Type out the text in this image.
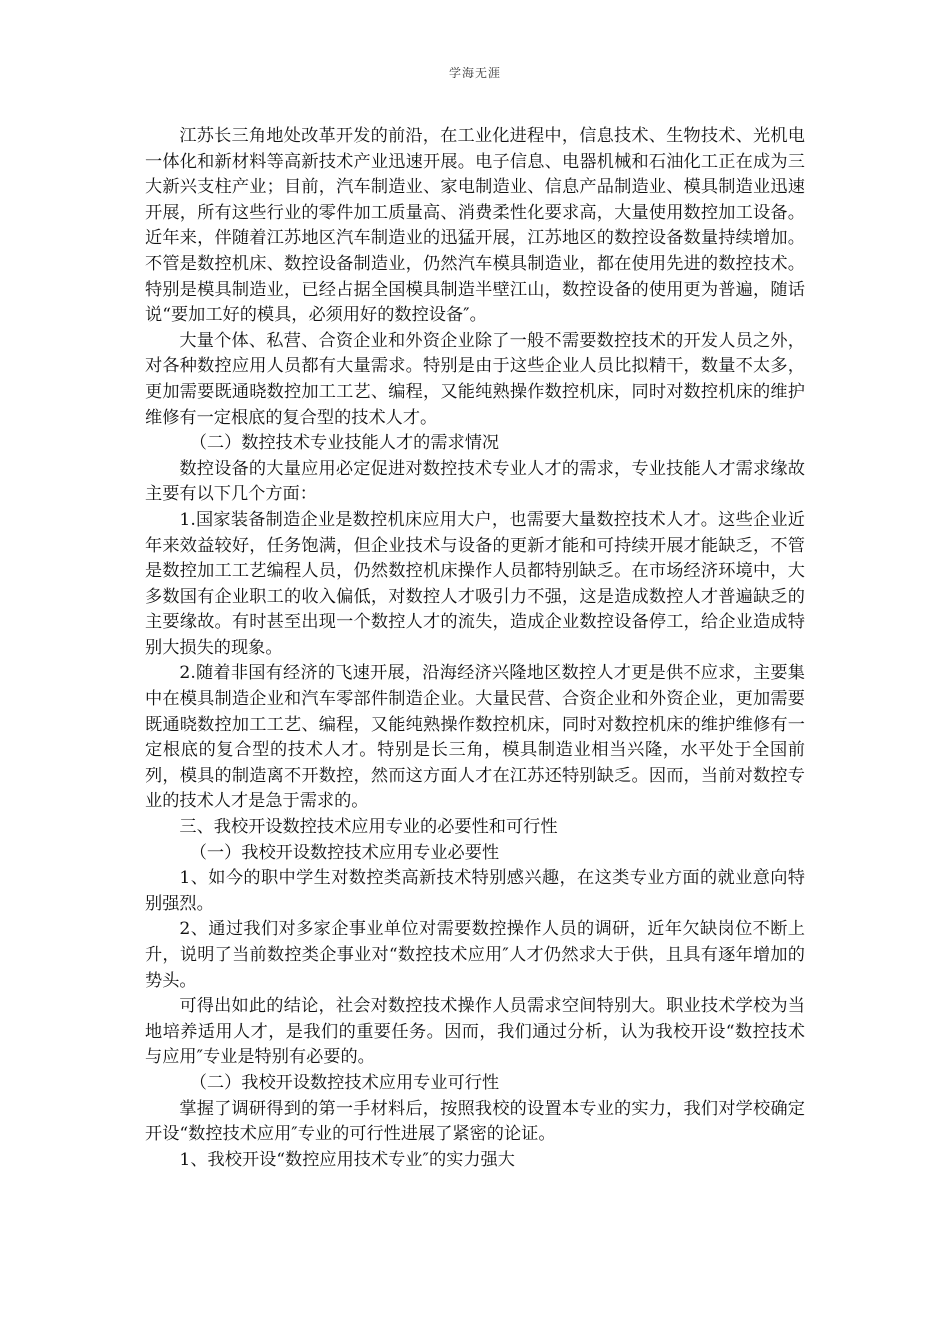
学海无涯

江苏长三角地处改革开发的前沿，在工业化进程中，信息技术、生物技术、光机电一体化和新材料等高新技术产业迅速开展。电子信息、电器机械和石油化工正在成为三大新兴支柱产业；目前，汽车制造业、家电制造业、信息产品制造业、模具制造业迅速开展，所有这些行业的零件加工质量高、消费柔性化要求高，大量使用数控加工设备。近年来，伴随着江苏地区汽车制造业的迅猛开展，江苏地区的数控设备数量持续增加。不管是数控机床、数控设备制造业，仍然汽车模具制造业，都在使用先进的数控技术。特别是模具制造业，已经占据全国模具制造半壁江山，数控设备的使用更为普遍，随话说“要加工好的模具，必须用好的数控设备″。

大量个体、私营、合资企业和外资企业除了一般不需要数控技术的开发人员之外，对各种数控应用人员都有大量需求。特别是由于这些企业人员比拟精干，数量不太多，更加需要既通晓数控加工工艺、编程，又能纯熟操作数控机床，同时对数控机床的维护维修有一定根底的复合型的技术人才。

（二）数控技术专业技能人才的需求情况

数控设备的大量应用必定促进对数控技术专业人才的需求，专业技能人才需求缘故主要有以下几个方面：

1.国家装备制造企业是数控机床应用大户，也需要大量数控技术人才。这些企业近年来效益较好，任务饱满，但企业技术与设备的更新才能和可持续开展才能缺乏，不管是数控加工工艺编程人员，仍然数控机床操作人员都特别缺乏。在市场经济环境中，大多数国有企业职工的收入偏低，对数控人才吸引力不强，这是造成数控人才普遍缺乏的主要缘故。有时甚至出现一个数控人才的流失，造成企业数控设备停工，给企业造成特别大损失的现象。

2.随着非国有经济的飞速开展，沿海经济兴隆地区数控人才更是供不应求，主要集中在模具制造企业和汽车零部件制造企业。大量民营、合资企业和外资企业，更加需要既通晓数控加工工艺、编程，又能纯熟操作数控机床，同时对数控机床的维护维修有一定根底的复合型的技术人才。特别是长三角，模具制造业相当兴隆，水平处于全国前列，模具的制造离不开数控，然而这方面人才在江苏还特别缺乏。因而，当前对数控专业的技术人才是急于需求的。

三、我校开设数控技术应用专业的必要性和可行性

（一）我校开设数控技术应用专业必要性

1、如今的职中学生对数控类高新技术特别感兴趣，在这类专业方面的就业意向特别强烈。

2、通过我们对多家企事业单位对需要数控操作人员的调研，近年欠缺岗位不断上升，说明了当前数控类企事业对“数控技术应用″人才仍然求大于供，且具有逐年增加的势头。

可得出如此的结论，社会对数控技术操作人员需求空间特别大。职业技术学校为当地培养适用人才，是我们的重要任务。因而，我们通过分析，认为我校开设“数控技术与应用″专业是特别有必要的。

（二）我校开设数控技术应用专业可行性

掌握了调研得到的第一手材料后，按照我校的设置本专业的实力，我们对学校确定开设“数控技术应用″专业的可行性进展了紧密的论证。

1、我校开设“数控应用技术专业″的实力强大
